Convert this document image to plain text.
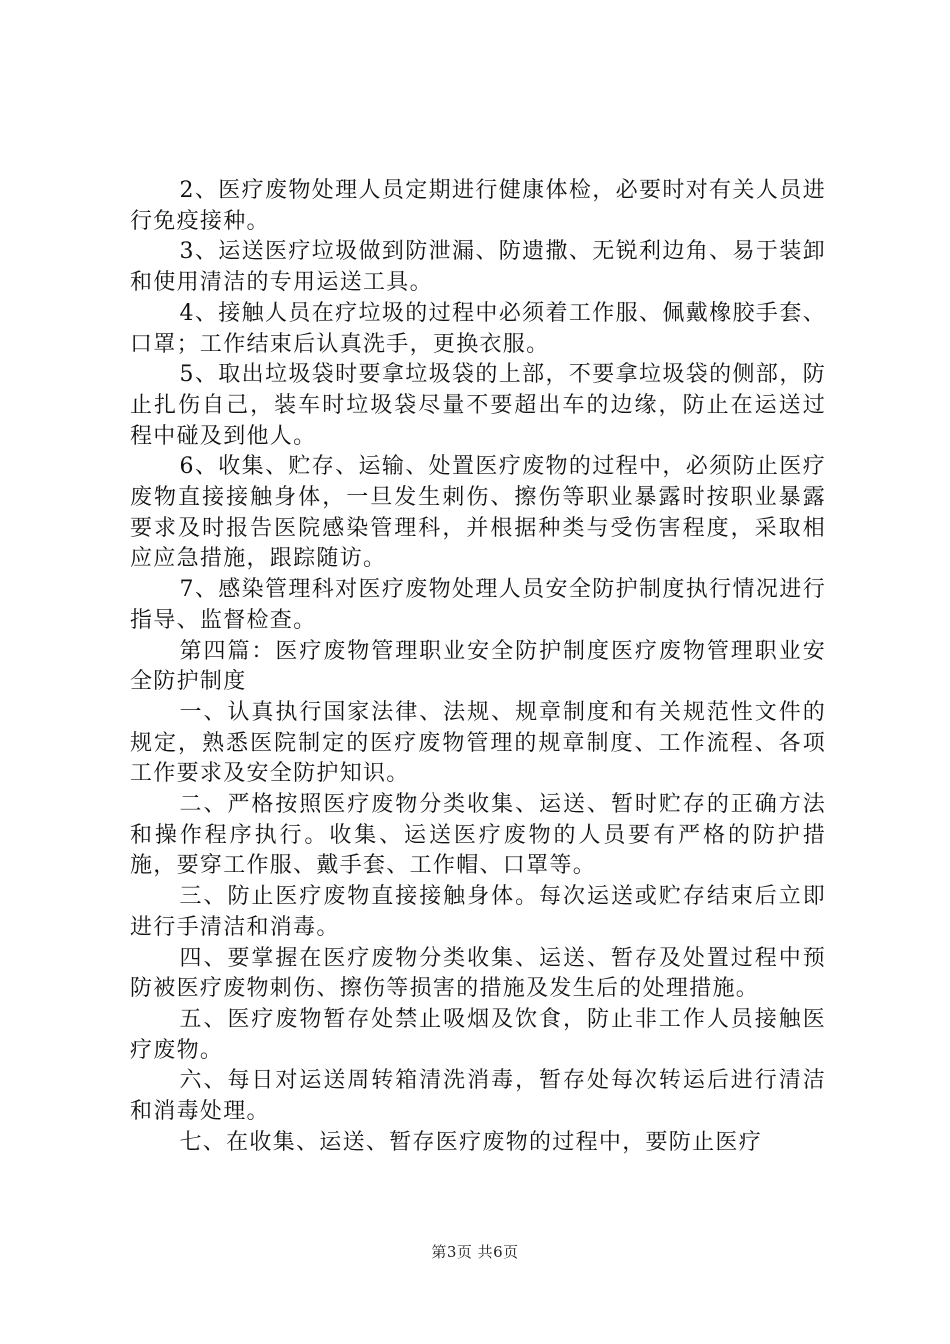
2、医疗废物处理人员定期进行健康体检，必要时对有关人员进行免疫接种。

3、运送医疗垃圾做到防泄漏、防遗撒、无锐利边角、易于装卸和使用清洁的专用运送工具。

4、接触人员在疗垃圾的过程中必须着工作服、佩戴橡胶手套、口罩；工作结束后认真洗手，更换衣服。

5、取出垃圾袋时要拿垃圾袋的上部，不要拿垃圾袋的侧部，防止扎伤自己，装车时垃圾袋尽量不要超出车的边缘，防止在运送过程中碰及到他人。

6、收集、贮存、运输、处置医疗废物的过程中，必须防止医疗废物直接接触身体，一旦发生刺伤、擦伤等职业暴露时按职业暴露要求及时报告医院感染管理科，并根据种类与受伤害程度，采取相应应急措施，跟踪随访。

7、感染管理科对医疗废物处理人员安全防护制度执行情况进行指导、监督检查。

第四篇：医疗废物管理职业安全防护制度医疗废物管理职业安全防护制度

一、认真执行国家法律、法规、规章制度和有关规范性文件的规定，熟悉医院制定的医疗废物管理的规章制度、工作流程、各项工作要求及安全防护知识。

二、严格按照医疗废物分类收集、运送、暂时贮存的正确方法和操作程序执行。收集、运送医疗废物的人员要有严格的防护措施，要穿工作服、戴手套、工作帽、口罩等。

三、防止医疗废物直接接触身体。每次运送或贮存结束后立即进行手清洁和消毒。

四、要掌握在医疗废物分类收集、运送、暂存及处置过程中预防被医疗废物刺伤、擦伤等损害的措施及发生后的处理措施。

五、医疗废物暂存处禁止吸烟及饮食，防止非工作人员接触医疗废物。

六、每日对运送周转箱清洗消毒，暂存处每次转运后进行清洁和消毒处理。

七、在收集、运送、暂存医疗废物的过程中，要防止医疗

第3页 共6页
